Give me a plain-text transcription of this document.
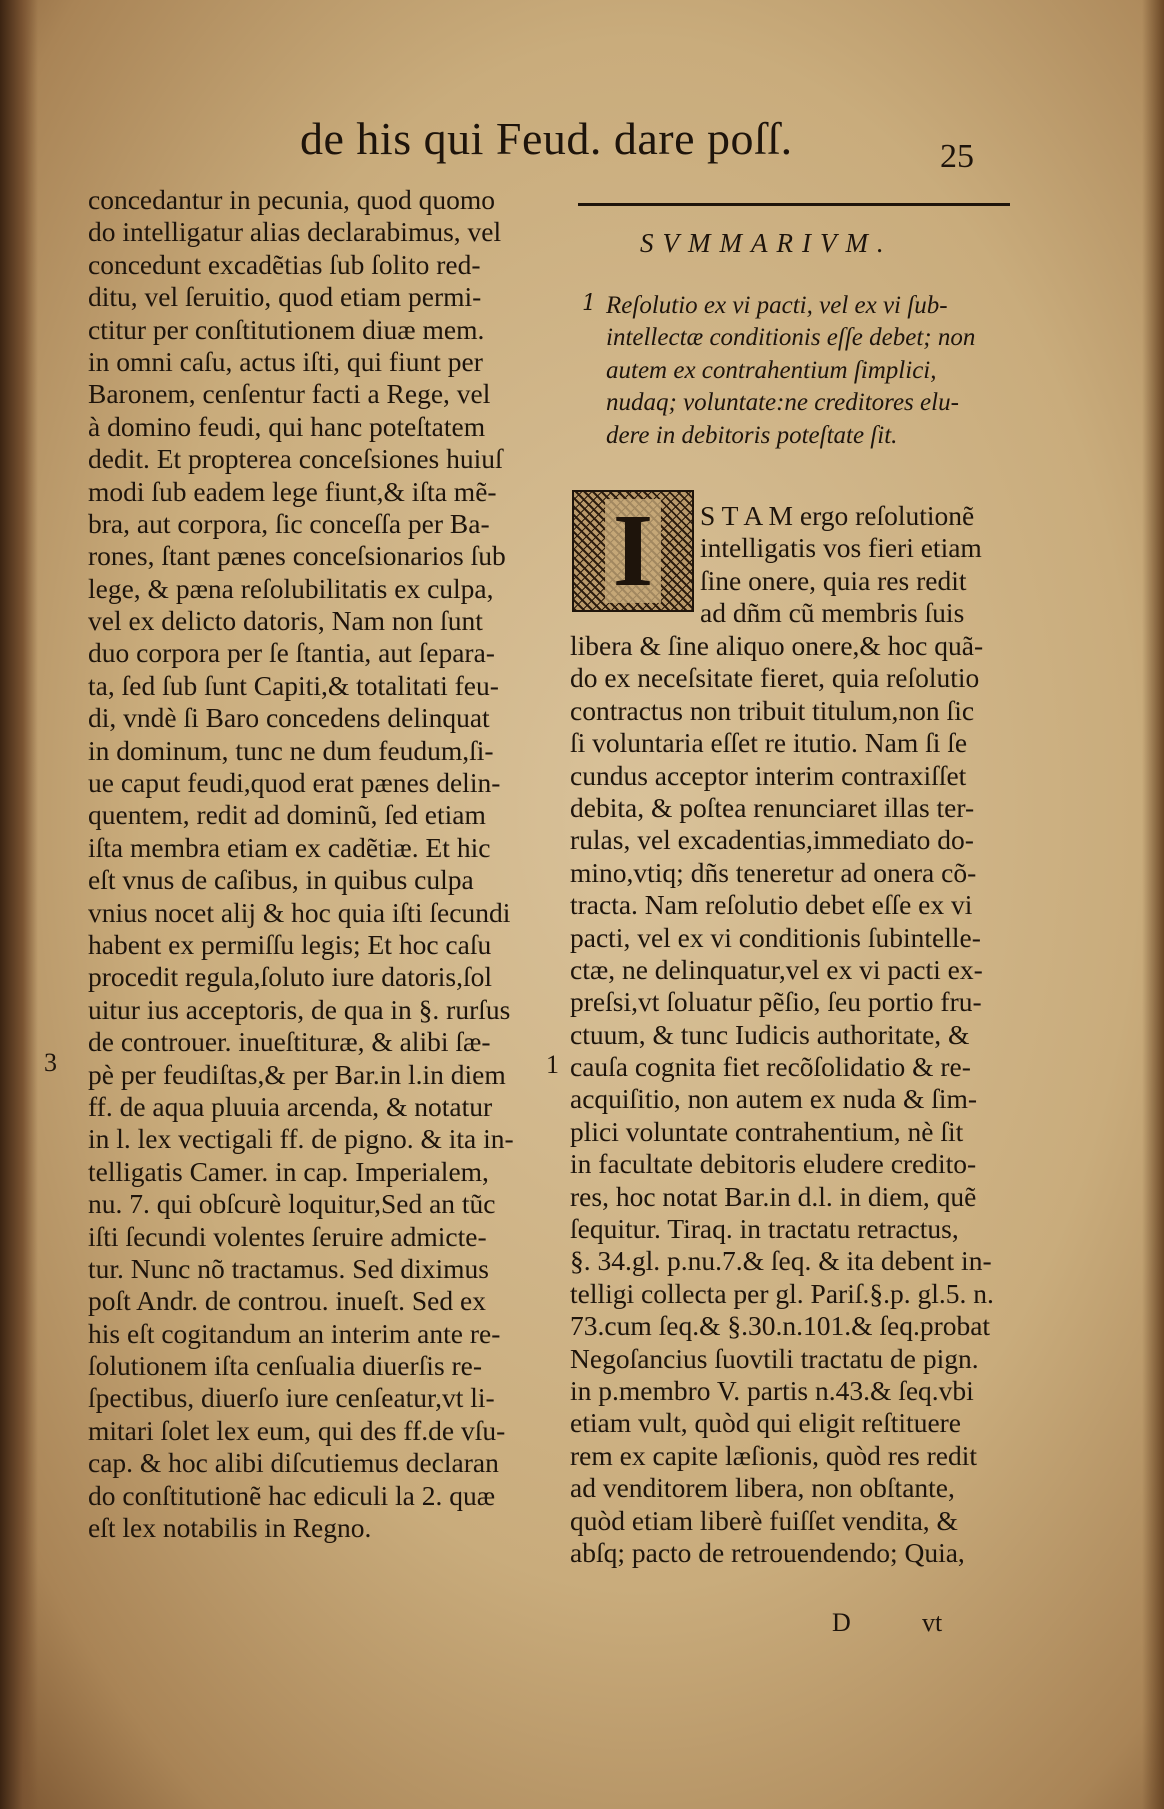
de his qui Feud. dare poſſ.	25
concedantur in pecunia, quod quomo
do intelligatur alias declarabimus, vel
concedunt excadẽtias ſub ſolito red-
ditu, vel ſeruitio, quod etiam permi-
ctitur per conſtitutionem diuæ mem.
in omni caſu, actus iſti, qui fiunt per
Baronem, cenſentur facti a Rege, vel
à domino feudi, qui hanc poteſtatem
dedit. Et propterea conceſsiones huiuſ
modi ſub eadem lege fiunt,& iſta mẽ-
bra, aut corpora, ſic conceſſa per Ba-
rones, ſtant pænes conceſsionarios ſub
lege, & pæna reſolubilitatis ex culpa,
vel ex delicto datoris, Nam non ſunt
duo corpora per ſe ſtantia, aut ſepara-
ta, ſed ſub ſunt Capiti,& totalitati feu-
di, vndè ſi Baro concedens delinquat
in dominum, tunc ne dum feudum,ſi-
ue caput feudi,quod erat pænes delin-
quentem, redit ad dominũ, ſed etiam
iſta membra etiam ex cadẽtiæ. Et hic
eſt vnus de caſibus, in quibus culpa
vnius nocet alij & hoc quia iſti ſecundi
habent ex permiſſu legis; Et hoc caſu
procedit regula,ſoluto iure datoris,ſol
uitur ius acceptoris, de qua in §. rurſus
de controuer. inueſtituræ, & alibi ſæ-
pè per feudiſtas,& per Bar.in l.in diem
ff. de aqua pluuia arcenda, & notatur
in l. lex vectigali ff. de pigno. & ita in-
telligatis Camer. in cap. Imperialem,
nu. 7. qui obſcurè loquitur,Sed an tũc
iſti ſecundi volentes ſeruire admicte-
tur. Nunc nõ tractamus. Sed diximus
poſt Andr. de controu. inueſt. Sed ex
his eſt cogitandum an interim ante re-
ſolutionem iſta cenſualia diuerſis re-
ſpectibus, diuerſo iure cenſeatur,vt li-
mitari ſolet lex eum, qui des ff.de vſu-
cap. & hoc alibi diſcutiemus declaran
do conſtitutionẽ hac ediculi la 2. quæ
eſt lex notabilis in Regno.
SVMMARIVM.
1 Reſolutio ex vi pacti, vel ex vi ſub-
intellectæ conditionis eſſe debet; non
autem ex contrahentium ſimplici,
nudaq; voluntate:ne creditores elu-
dere in debitoris poteſtate ſit.
I S T A M ergo reſolutionẽ
intelligatis vos fieri etiam
ſine onere, quia res redit
ad dñm cũ membris ſuis
libera & ſine aliquo onere,& hoc quã-
do ex neceſsitate fieret, quia reſolutio
contractus non tribuit titulum,non ſic
ſi voluntaria eſſet re itutio. Nam ſi ſe
cundus acceptor interim contraxiſſet
debita, & poſtea renunciaret illas ter-
rulas, vel excadentias,immediato do-
mino,vtiq; dñs teneretur ad onera cõ-
tracta. Nam reſolutio debet eſſe ex vi
pacti, vel ex vi conditionis ſubintelle-
ctæ, ne delinquatur,vel ex vi pacti ex-
preſsi,vt ſoluatur pẽſio, ſeu portio fru-
ctuum, & tunc Iudicis authoritate, &
cauſa cognita fiet recõſolidatio & re-
acquiſitio, non autem ex nuda & ſim-
plici voluntate contrahentium, nè ſit
in facultate debitoris eludere credito-
res, hoc notat Bar.in d.l. in diem, quẽ
ſequitur. Tiraq. in tractatu retractus,
§. 34.gl. p.nu.7.& ſeq. & ita debent in-
telligi collecta per gl. Pariſ.§.p. gl.5. n.
73.cum ſeq.& §.30.n.101.& ſeq.probat
Negoſancius ſuovtili tractatu de pign.
in p.membro V. partis n.43.& ſeq.vbi
etiam vult, quòd qui eligit reſtituere
rem ex capite læſionis, quòd res redit
ad venditorem libera, non obſtante,
quòd etiam liberè fuiſſet vendita, &
abſq; pacto de retrouendendo; Quia,
3	1
D	vt
